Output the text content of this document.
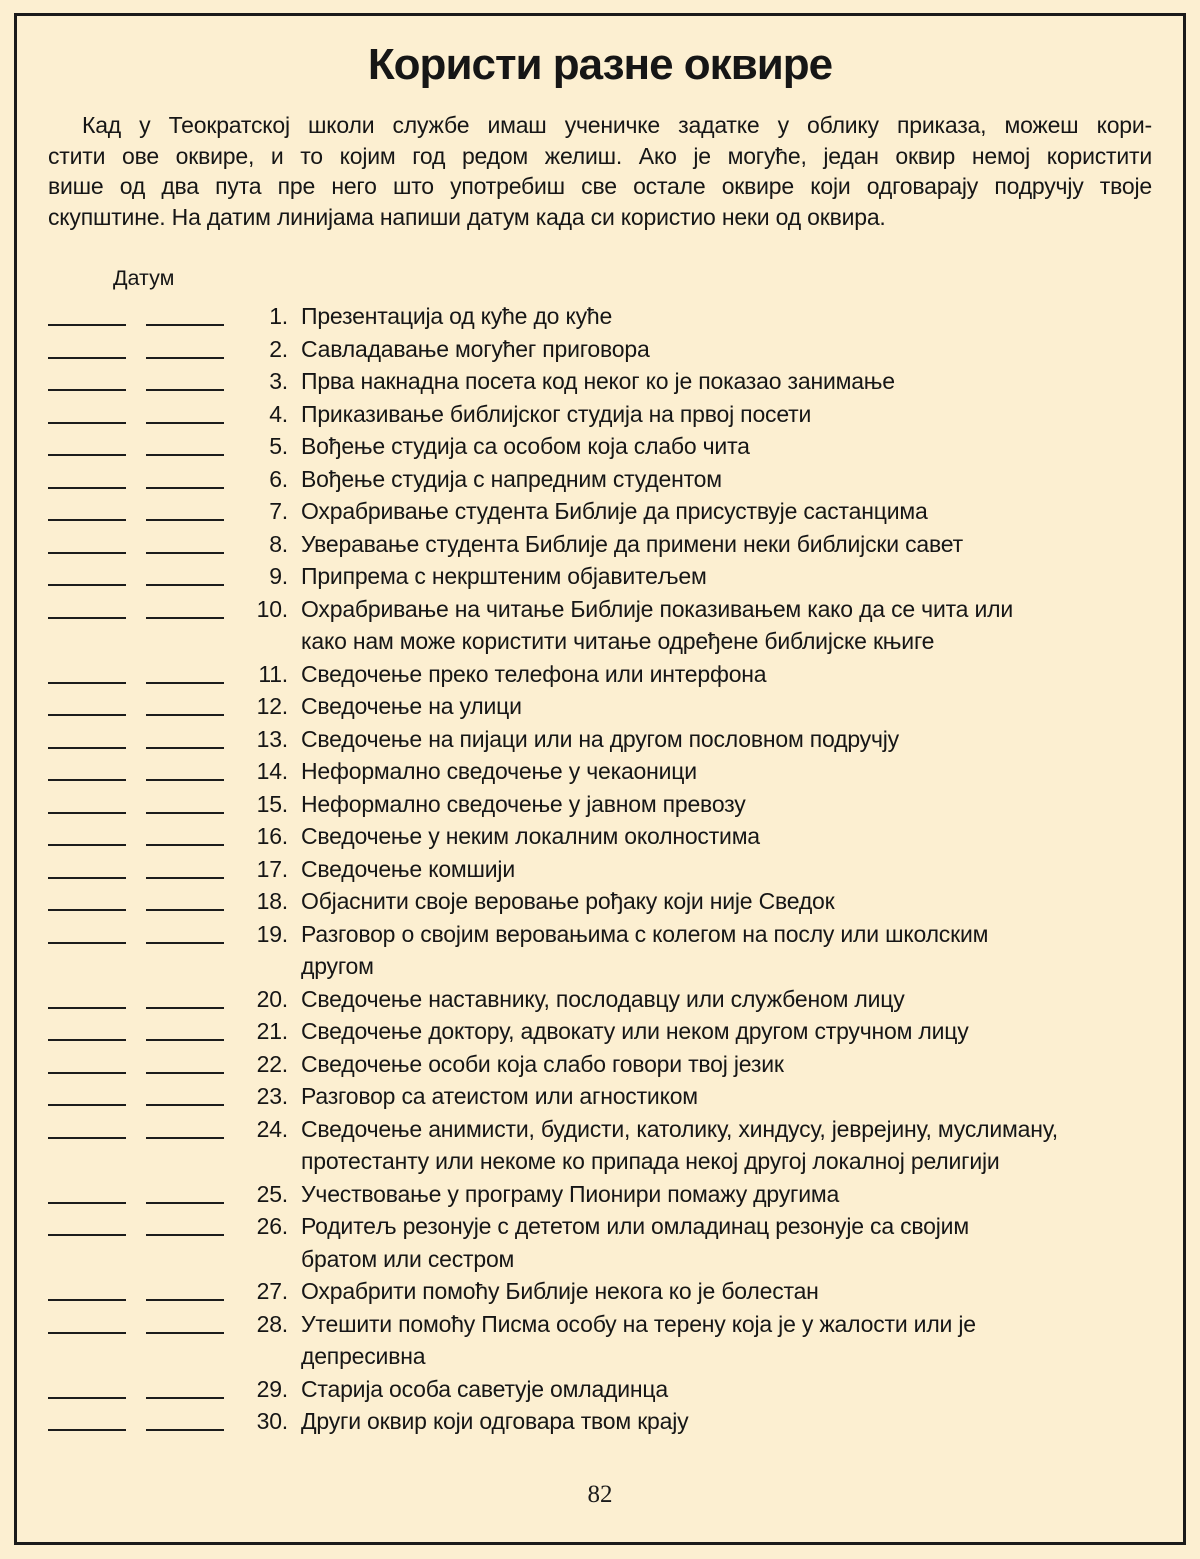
Користи разне оквире
Кад у Теократској школи службе имаш ученичке задатке у облику приказа, можеш кори-
стити ове оквире, и то којим год редом желиш. Ако је могуће, један оквир немој користити
више од два пута пре него што употребиш све остале оквире који одговарају подручју твоје
скупштине. На датим линијама напиши датум када си користио неки од оквира.
Датум
1. Презентација од куће до куће
2. Савладавање могућег приговора
3. Прва накнадна посета код неког ко је показао занимање
4. Приказивање библијског студија на првој посети
5. Вођење студија са особом која слабо чита
6. Вођење студија с напредним студентом
7. Охрабривање студента Библије да присуствује састанцима
8. Уверавање студента Библије да примени неки библијски савет
9. Припрема с некрштеним објавитељем
10. Охрабривање на читање Библије показивањем како да се чита или
како нам може користити читање одређене библијске књиге
11. Сведочење преко телефона или интерфона
12. Сведочење на улици
13. Сведочење на пијаци или на другом пословном подручју
14. Неформално сведочење у чекаоници
15. Неформално сведочење у јавном превозу
16. Сведочење у неким локалним околностима
17. Сведочење комшији
18. Објаснити своје веровање рођаку који није Сведок
19. Разговор о својим веровањима с колегом на послу или школским
другом
20. Сведочење наставнику, послодавцу или службеном лицу
21. Сведочење доктору, адвокату или неком другом стручном лицу
22. Сведочење особи која слабо говори твој језик
23. Разговор са атеистом или агностиком
24. Сведочење анимисти, будисти, католику, хиндусу, јеврејину, муслиману,
протестанту или некоме ко припада некој другој локалној религији
25. Учествовање у програму Пионири помажу другима
26. Родитељ резонује с дететом или омладинац резонује са својим
братом или сестром
27. Охрабрити помоћу Библије некога ко је болестан
28. Утешити помоћу Писма особу на терену која је у жалости или је
депресивна
29. Старија особа саветује омладинца
30. Други оквир који одговара твом крају
82
